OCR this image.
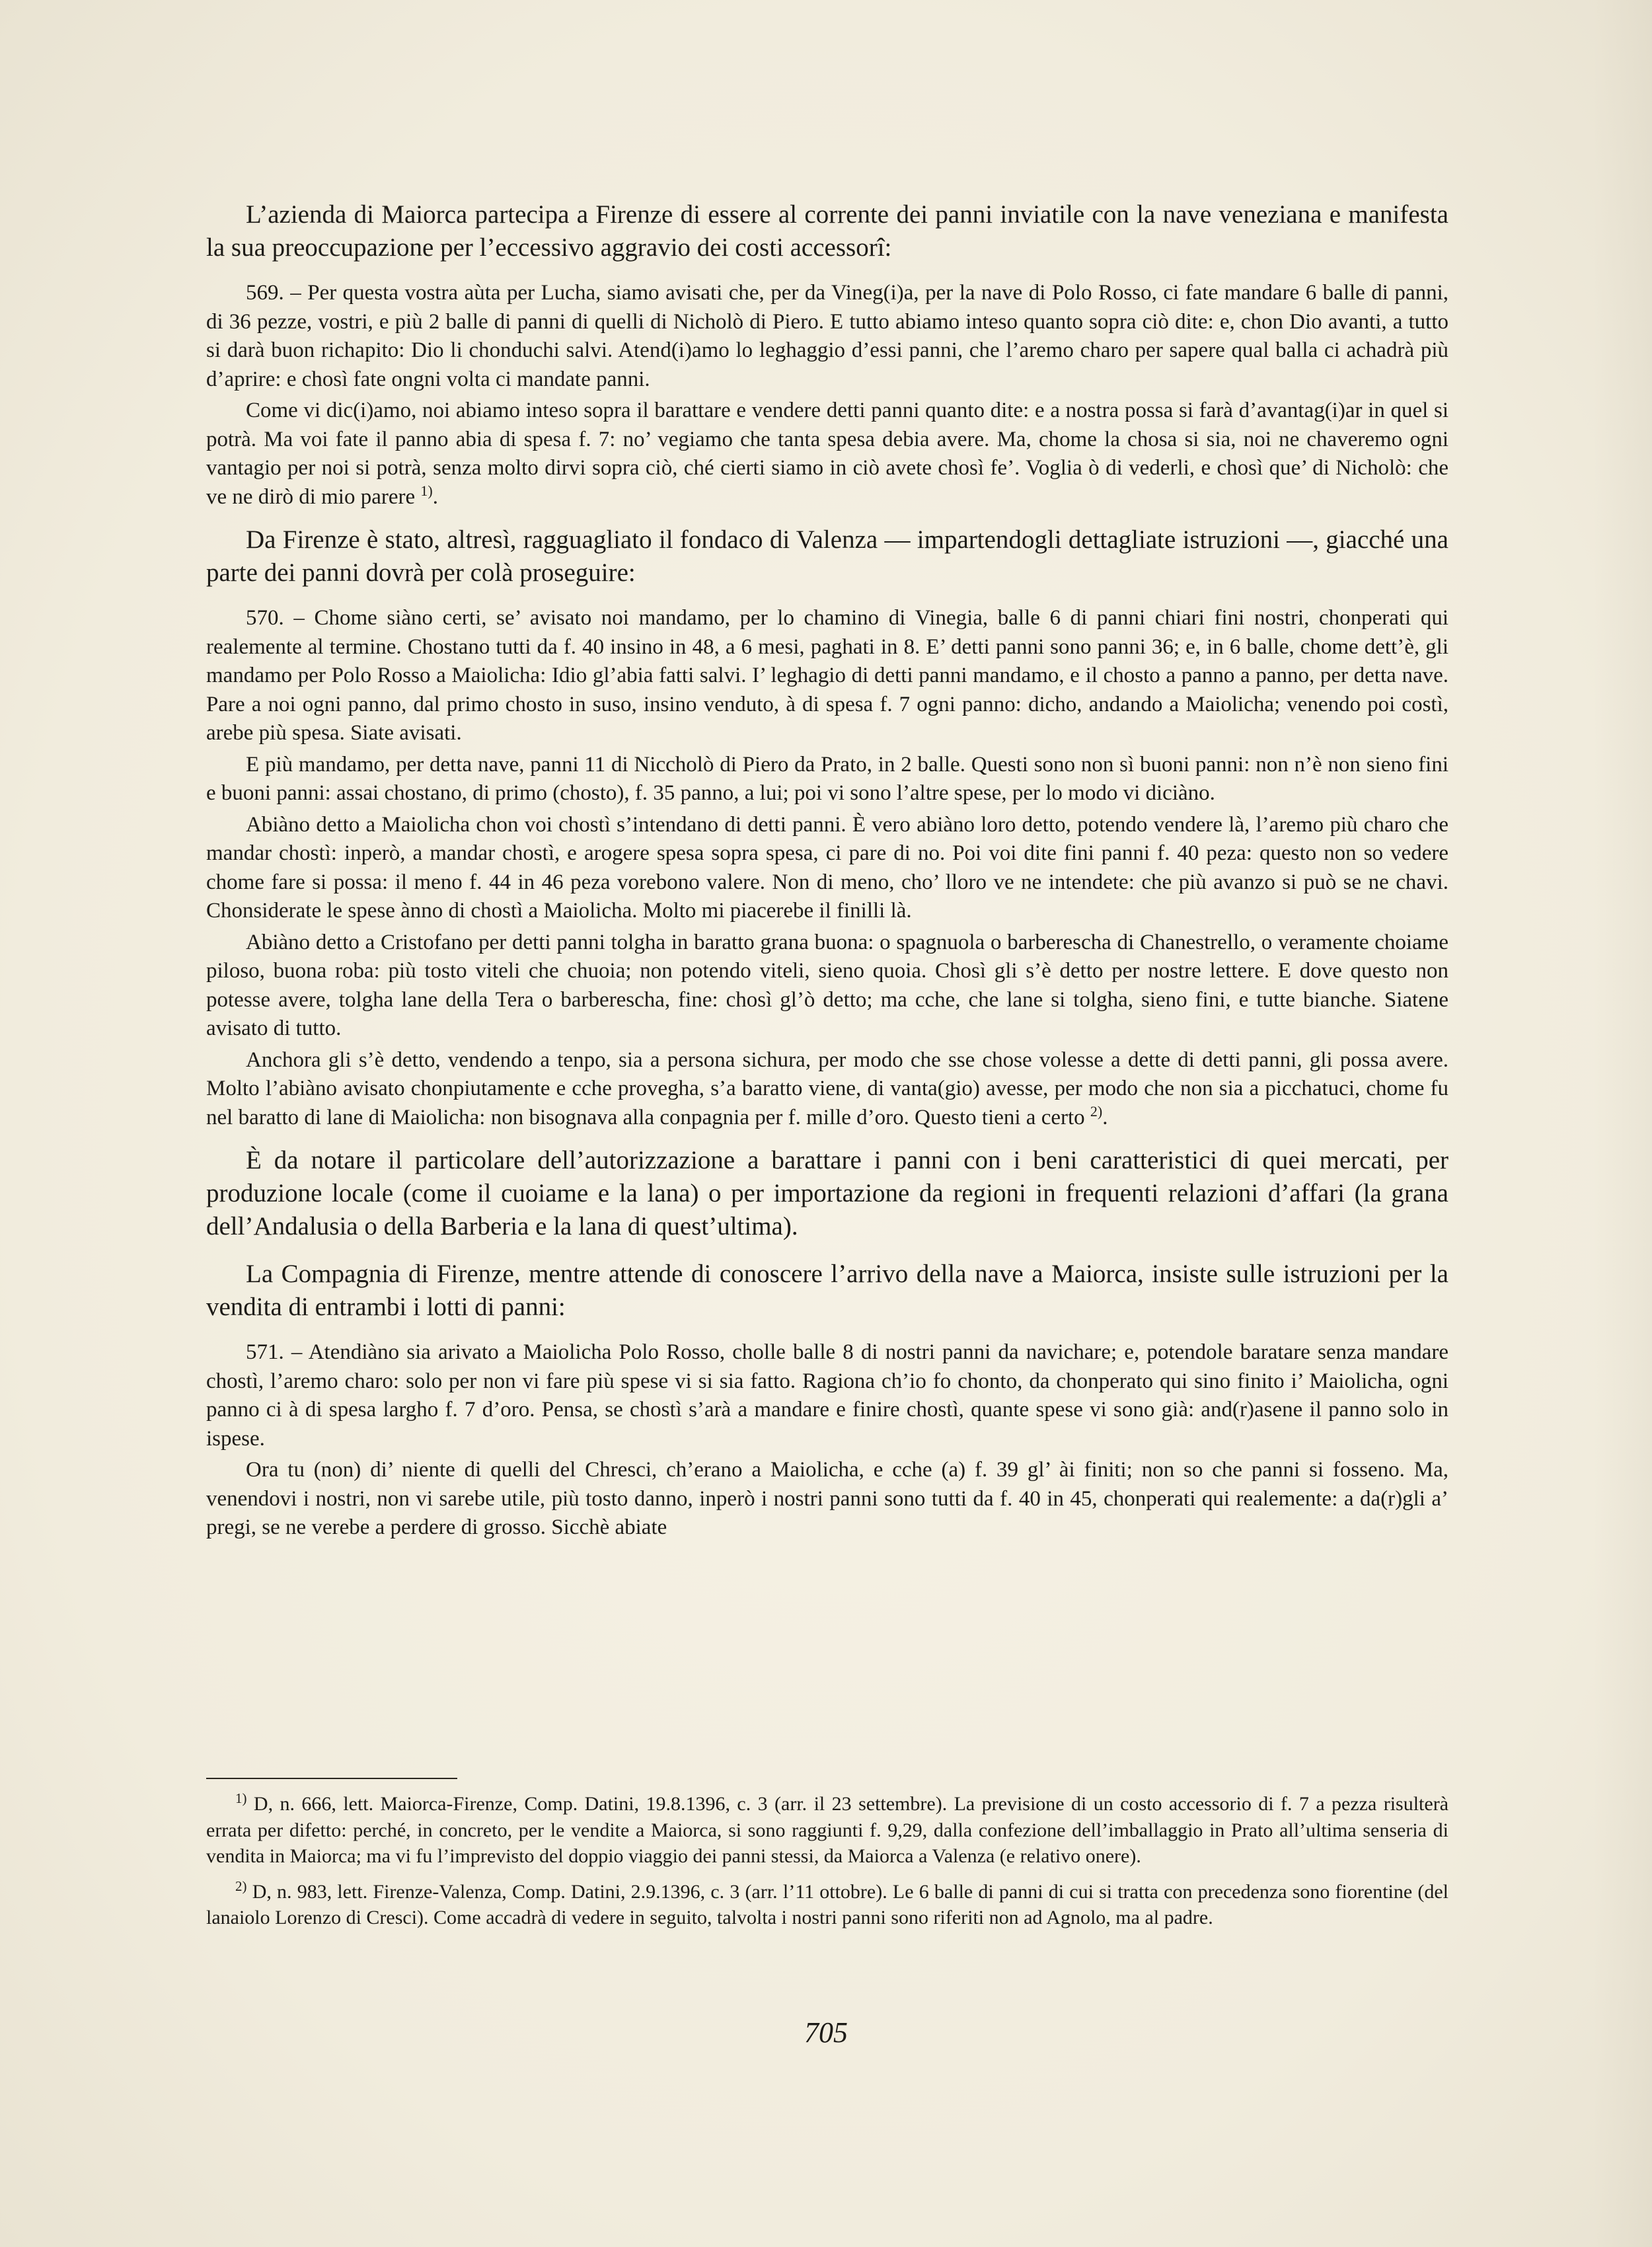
L’azienda di Maiorca partecipa a Firenze di essere al corrente dei panni inviatile con la nave veneziana e manifesta la sua preoccupazione per l’eccessivo aggravio dei costi accessorî:

569. – Per questa vostra aùta per Lucha, siamo avisati che, per da Vineg(i)a, per la nave di Polo Rosso, ci fate mandare 6 balle di panni, di 36 pezze, vostri, e più 2 balle di panni di quelli di Nicholò di Piero. E tutto abiamo inteso quanto sopra ciò dite: e, chon Dio avanti, a tutto si darà buon richapito: Dio li chonduchi salvi. Atend(i)amo lo leghaggio d’essi panni, che l’aremo charo per sapere qual balla ci achadrà più d’aprire: e chosì fate ongni volta ci mandate panni.

Come vi dic(i)amo, noi abiamo inteso sopra il barattare e vendere detti panni quanto dite: e a nostra possa si farà d’avantag(i)ar in quel si potrà. Ma voi fate il panno abia di spesa f. 7: no’ vegiamo che tanta spesa debia avere. Ma, chome la chosa si sia, noi ne chaveremo ogni vantagio per noi si potrà, senza molto dirvi sopra ciò, ché cierti siamo in ciò avete chosì fe’. Voglia ò di vederli, e chosì que’ di Nicholò: che ve ne dirò di mio parere $^{1)}$.

Da Firenze è stato, altresì, ragguagliato il fondaco di Valenza — impartendogli dettagliate istruzioni —, giacché una parte dei panni dovrà per colà proseguire:

570. – Chome siàno certi, se’ avisato noi mandamo, per lo chamino di Vinegia, balle 6 di panni chiari fini nostri, chonperati qui realemente al termine. Chostano tutti da f. 40 insino in 48, a 6 mesi, paghati in 8. E’ detti panni sono panni 36; e, in 6 balle, chome dett’è, gli mandamo per Polo Rosso a Maiolicha: Idio gl’abia fatti salvi. I’ leghagio di detti panni mandamo, e il chosto a panno a panno, per detta nave. Pare a noi ogni panno, dal primo chosto in suso, insino venduto, à di spesa f. 7 ogni panno: dicho, andando a Maiolicha; venendo poi costì, arebe più spesa. Siate avisati.

E più mandamo, per detta nave, panni 11 di Niccholò di Piero da Prato, in 2 balle. Questi sono non sì buoni panni: non n’è non sieno fini e buoni panni: assai chostano, di primo (chosto), f. 35 panno, a lui; poi vi sono l’altre spese, per lo modo vi diciàno.

Abiàno detto a Maiolicha chon voi chostì s’intendano di detti panni. È vero abiàno loro detto, potendo vendere là, l’aremo più charo che mandar chostì: inperò, a mandar chostì, e arogere spesa sopra spesa, ci pare di no. Poi voi dite fini panni f. 40 peza: questo non so vedere chome fare si possa: il meno f. 44 in 46 peza vorebono valere. Non di meno, cho’ lloro ve ne intendete: che più avanzo si può se ne chavi. Chonsiderate le spese ànno di chostì a Maiolicha. Molto mi piacerebe il finilli là.

Abiàno detto a Cristofano per detti panni tolgha in baratto grana buona: o spagnuola o barberescha di Chanestrello, o veramente choiame piloso, buona roba: più tosto viteli che chuoia; non potendo viteli, sieno quoia. Chosì gli s’è detto per nostre lettere. E dove questo non potesse avere, tolgha lane della Tera o barberescha, fine: chosì gl’ò detto; ma cche, che lane si tolgha, sieno fini, e tutte bianche. Siatene avisato di tutto.

Anchora gli s’è detto, vendendo a tenpo, sia a persona sichura, per modo che sse chose volesse a dette di detti panni, gli possa avere. Molto l’abiàno avisato chonpiutamente e cche provegha, s’a baratto viene, di vanta(gio) avesse, per modo che non sia a picchatuci, chome fu nel baratto di lane di Maiolicha: non bisognava alla conpagnia per f. mille d’oro. Questo tieni a certo $^{2)}$.

È da notare il particolare dell’autorizzazione a barattare i panni con i beni caratteristici di quei mercati, per produzione locale (come il cuoiame e la lana) o per importazione da regioni in frequenti relazioni d’affari (la grana dell’Andalusia o della Barberia e la lana di quest’ultima).

La Compagnia di Firenze, mentre attende di conoscere l’arrivo della nave a Maiorca, insiste sulle istruzioni per la vendita di entrambi i lotti di panni:

571. – Atendiàno sia arivato a Maiolicha Polo Rosso, cholle balle 8 di nostri panni da navichare; e, potendole baratare senza mandare chostì, l’aremo charo: solo per non vi fare più spese vi si sia fatto. Ragiona ch’io fo chonto, da chonperato qui sino finito i’ Maiolicha, ogni panno ci à di spesa largho f. 7 d’oro. Pensa, se chostì s’arà a mandare e finire chostì, quante spese vi sono già: and(r)asene il panno solo in ispese.

Ora tu (non) di’ niente di quelli del Chresci, ch’erano a Maiolicha, e cche (a) f. 39 gl’ ài finiti; non so che panni si fosseno. Ma, venendovi i nostri, non vi sarebe utile, più tosto danno, inperò i nostri panni sono tutti da f. 40 in 45, chonperati qui realemente: a da(r)gli a’ pregi, se ne verebe a perdere di grosso. Sicchè abiate

$^{1)}$ D, n. 666, lett. Maiorca-Firenze, Comp. Datini, 19.8.1396, c. 3 (arr. il 23 settembre). La previsione di un costo accessorio di f. 7 a pezza risulterà errata per difetto: perché, in concreto, per le vendite a Maiorca, si sono raggiunti f. 9,29, dalla confezione dell’imballaggio in Prato all’ultima senseria di vendita in Maiorca; ma vi fu l’imprevisto del doppio viaggio dei panni stessi, da Maiorca a Valenza (e relativo onere).

$^{2)}$ D, n. 983, lett. Firenze-Valenza, Comp. Datini, 2.9.1396, c. 3 (arr. l’11 ottobre). Le 6 balle di panni di cui si tratta con precedenza sono fiorentine (del lanaiolo Lorenzo di Cresci). Come accadrà di vedere in seguito, talvolta i nostri panni sono riferiti non ad Agnolo, ma al padre.

705
